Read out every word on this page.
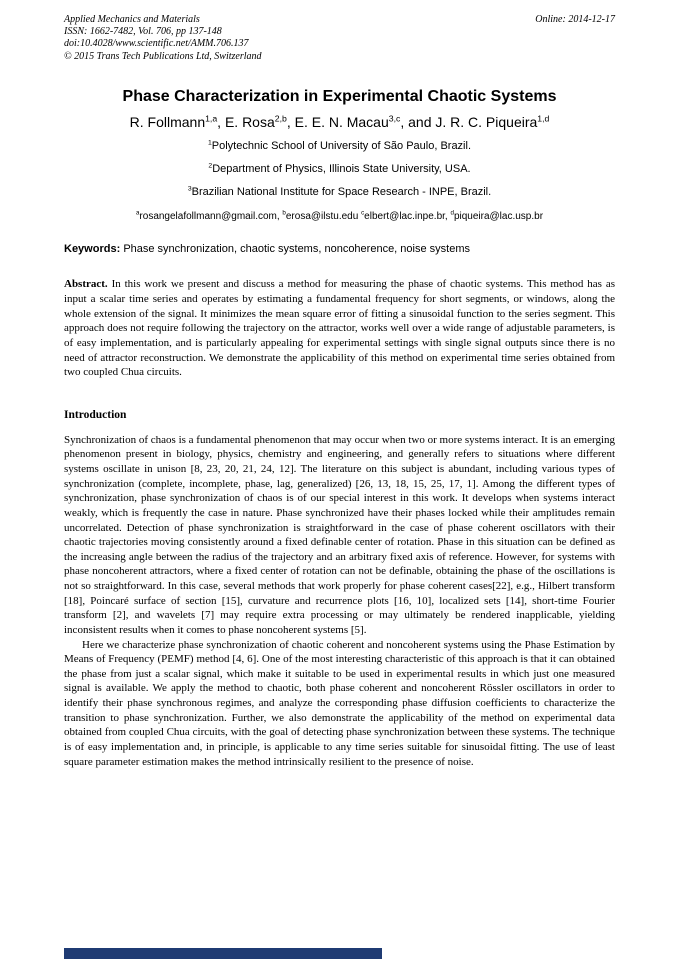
Applied Mechanics and Materials
ISSN: 1662-7482, Vol. 706, pp 137-148
doi:10.4028/www.scientific.net/AMM.706.137
© 2015 Trans Tech Publications Ltd, Switzerland
Online: 2014-12-17
Phase Characterization in Experimental Chaotic Systems
R. Follmann$^{1,a}$, E. Rosa$^{2,b}$, E. E. N. Macau$^{3,c}$, and J. R. C. Piqueira$^{1,d}$
$^1$Polytechnic School of University of São Paulo, Brazil.
$^2$Department of Physics, Illinois State University, USA.
$^3$Brazilian National Institute for Space Research - INPE, Brazil.
$^a$rosangelafollmann@gmail.com, $^b$erosa@ilstu.edu $^c$elbert@lac.inpe.br, $^d$piqueira@lac.usp.br
Keywords: Phase synchronization, chaotic systems, noncoherence, noise systems

Abstract. In this work we present and discuss a method for measuring the phase of chaotic systems. This method has as input a scalar time series and operates by estimating a fundamental frequency for short segments, or windows, along the whole extension of the signal. It minimizes the mean square error of fitting a sinusoidal function to the series segment. This approach does not require following the trajectory on the attractor, works well over a wide range of adjustable parameters, is of easy implementation, and is particularly appealing for experimental settings with single signal outputs since there is no need of attractor reconstruction. We demonstrate the applicability of this method on experimental time series obtained from two coupled Chua circuits.

Introduction

Synchronization of chaos is a fundamental phenomenon that may occur when two or more systems interact. It is an emerging phenomenon present in biology, physics, chemistry and engineering, and generally refers to situations where different systems oscillate in unison [8, 23, 20, 21, 24, 12]. The literature on this subject is abundant, including various types of synchronization (complete, incomplete, phase, lag, generalized) [26, 13, 18, 15, 25, 17, 1]. Among the different types of synchronization, phase synchronization of chaos is of our special interest in this work. It develops when systems interact weakly, which is frequently the case in nature. Phase synchronized have their phases locked while their amplitudes remain uncorrelated. Detection of phase synchronization is straightforward in the case of phase coherent oscillators with their chaotic trajectories moving consistently around a fixed definable center of rotation. Phase in this situation can be defined as the increasing angle between the radius of the trajectory and an arbitrary fixed axis of reference. However, for systems with phase noncoherent attractors, where a fixed center of rotation can not be definable, obtaining the phase of the oscillations is not so straightforward. In this case, several methods that work properly for phase coherent cases[22], e.g., Hilbert transform [18], Poincaré surface of section [15], curvature and recurrence plots [16, 10], localized sets [14], short-time Fourier transform [2], and wavelets [7] may require extra processing or may ultimately be rendered inapplicable, yielding inconsistent results when it comes to phase noncoherent systems [5].

Here we characterize phase synchronization of chaotic coherent and noncoherent systems using the Phase Estimation by Means of Frequency (PEMF) method [4, 6]. One of the most interesting characteristic of this approach is that it can obtained the phase from just a scalar signal, which make it suitable to be used in experimental results in which just one measured signal is available. We apply the method to chaotic, both phase coherent and noncoherent Rössler oscillators in order to identify their phase synchronous regimes, and analyze the corresponding phase diffusion coefficients to characterize the transition to phase synchronization. Further, we also demonstrate the applicability of the method on experimental data obtained from coupled Chua circuits, with the goal of detecting phase synchronization between these systems. The technique is of easy implementation and, in principle, is applicable to any time series suitable for sinusoidal fitting. The use of least square parameter estimation makes the method intrinsically resilient to the presence of noise.
